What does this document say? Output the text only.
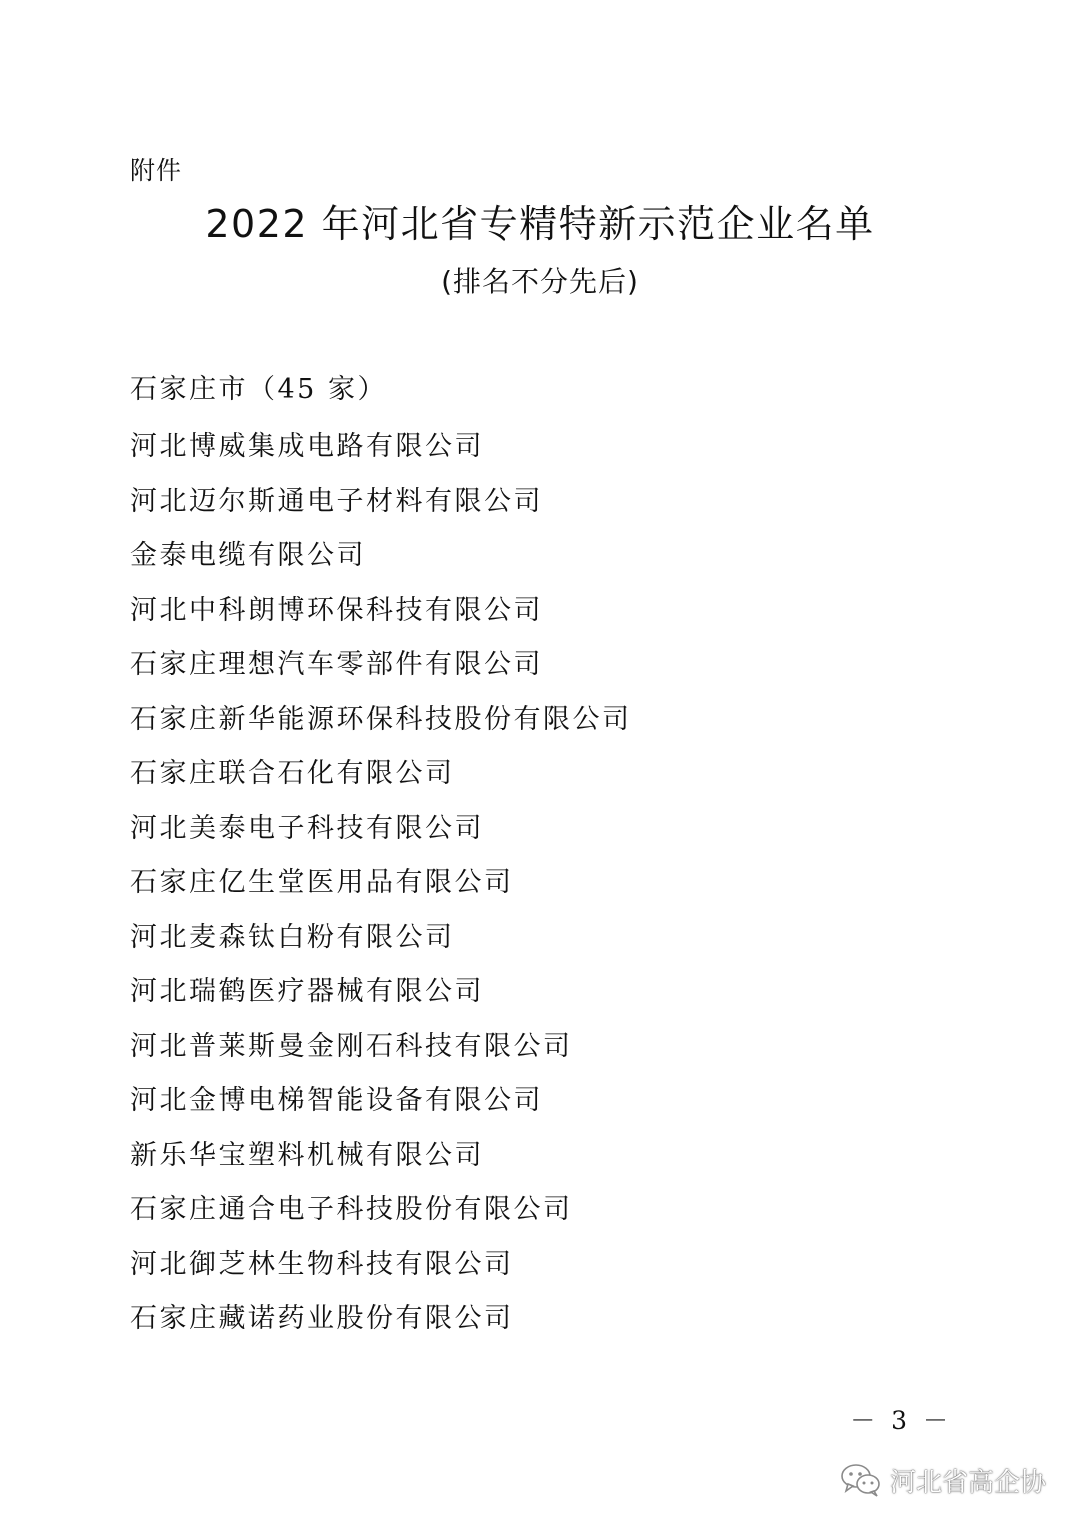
附件
2022 年河北省专精特新示范企业名单
(排名不分先后)
石家庄市（45 家）
河北博威集成电路有限公司
河北迈尔斯通电子材料有限公司
金泰电缆有限公司
河北中科朗博环保科技有限公司
石家庄理想汽车零部件有限公司
石家庄新华能源环保科技股份有限公司
石家庄联合石化有限公司
河北美泰电子科技有限公司
石家庄亿生堂医用品有限公司
河北麦森钛白粉有限公司
河北瑞鹤医疗器械有限公司
河北普莱斯曼金刚石科技有限公司
河北金博电梯智能设备有限公司
新乐华宝塑料机械有限公司
石家庄通合电子科技股份有限公司
河北御芝林生物科技有限公司
石家庄藏诺药业股份有限公司
－ 3 －
河北省高企协
